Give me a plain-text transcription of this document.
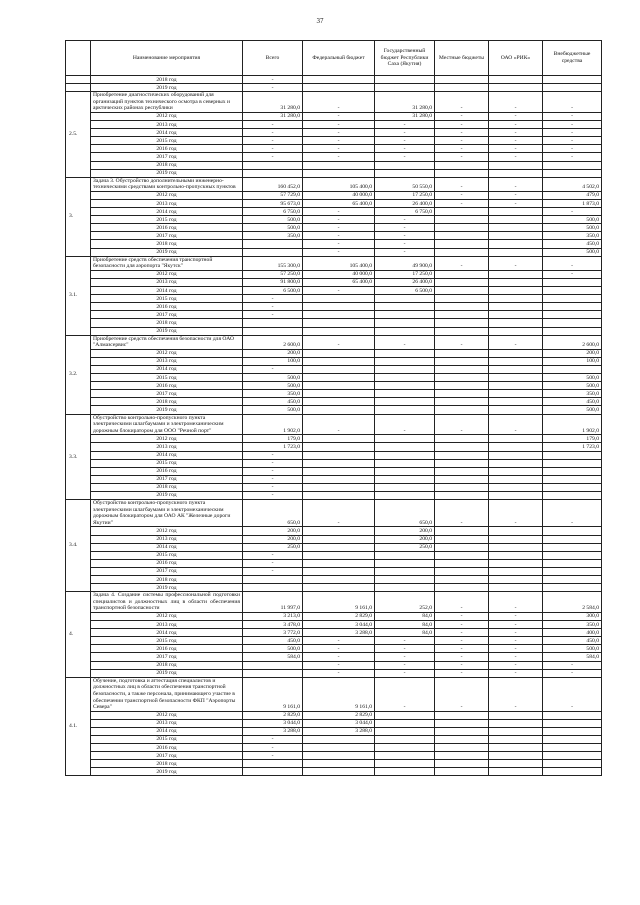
37
	Наименование мероприятия	Всего	Федеральный бюджет	Государственный бюджет Республики Саха (Якутия)	Местные бюджеты	ОАО «РИК»	Внебюджетные средства
	2018 год	-					
	2019 год	-					
2.5.	Приобретение диагностических оборудований для организаций пунктов технического осмотра в северных и арктических районах республики	31 280,0	-	31 280,0	-	-	-
	2012 год	31 280,0	-	31 280,0	-	-	-
	2013 год	-	-	-	-	-	-
	2014 год	-	-	-	-	-	-
	2015 год	-	-	-	-	-	-
	2016 год	-	-	-	-	-	-
	2017 год	-	-	-	-	-	-
	2018 год						
	2019 год						
3.	Задача 3. Обустройство дополнительными инженерно-техническими средствами контрольно-пропускных пунктов	160 452,0	105 400,0	50 550,0	-	-	4 502,0
	2012 год	57 729,0	40 000,0	17 250,0	-	-	479,0
	2013 год	95 673,0	65 400,0	26 400,0	-	-	1 873,0
	2014 год	6 750,0	-	6 750,0			-
	2015 год	500,0	-	-			500,0
	2016 год	500,0	-	-			500,0
	2017 год	350,0	-	-			350,0
	2018 год		-	-			450,0
	2019 год		-	-			500,0
3.1.	Приобретение средств обеспечения транспортной безопасности для аэропорта "Якутск"	155 300,0	105 400,0	49 900,0	-	-	-
	2012 год	57 250,0	40 000,0	17 250,0			-
	2013 год	91 800,0	65 400,0	26 400,0			
	2014 год	6 500,0	-	6 500,0			
	2015 год	-					
	2016 год	-					
	2017 год	-					
	2018 год						
	2019 год						
3.2.	Приобретение средств обеспечения безопасности для ОАО "Алмазсервис"	2 600,0	-	-	-	-	2 600,0
	2012 год	200,0					200,0
	2013 год	100,0					100,0
	2014 год	-					
	2015 год	500,0					500,0
	2016 год	500,0					500,0
	2017 год	350,0					350,0
	2018 год	450,0					450,0
	2019 год	500,0					500,0
3.3.	Обустройство контрольно-пропускного пункта электрическими шлагбаумами и электромеханическим дорожным блокиратором для ООО "Речной порт"	1 902,0	-	-	-	-	1 902,0
	2012 год	179,0					179,0
	2013 год	1 723,0					1 723,0
	2014 год	-					
	2015 год	-					
	2016 год	-					
	2017 год	-					
	2018 год	-					
	2019 год	-					
3.4.	Обустройство контрольно-пропускного пункта электрическими шлагбаумами и электромеханическим дорожным блокиратором для ОАО АК "Железные дороги Якутии"	650,0	-	650,0	-	-	-
	2012 год	200,0		200,0			
	2013 год	200,0		200,0			
	2014 год	250,0		250,0			
	2015 год	-					
	2016 год	-					
	2017 год	-					
	2018 год						
	2019 год						
4.	Задача 4. Создание системы профессиональной подготовки специалистов и должностных лиц в области обеспечения транспортной безопасности	11 997,0	9 161,0	252,0	-	-	2 584,0
	2012 год	3 213,0	2 829,0	84,0	-	-	300,0
	2013 год	3 478,0	3 044,0	84,0	-	-	350,0
	2014 год	3 772,0	3 288,0	84,0	-	-	400,0
	2015 год	450,0	-	-	-	-	450,0
	2016 год	500,0	-	-	-	-	500,0
	2017 год	584,0	-	-	-	-	584,0
	2018 год		-	-	-	-	-
	2019 год		-	-	-	-	-
4.1.	Обучение, подготовка и аттестация специалистов и должностных лиц в области обеспечения транспортной безопасности, а также персонала, принимающего участие в обеспечении транспортной безопасности ФКП "Аэропорты Севера"	9 161,0	9 161,0	-	-	-	-
	2012 год	2 829,0	2 829,0				
	2013 год	3 044,0	3 044,0				
	2014 год	3 288,0	3 288,0				
	2015 год	-					
	2016 год	-					
	2017 год	-					
	2018 год						
	2019 год						
